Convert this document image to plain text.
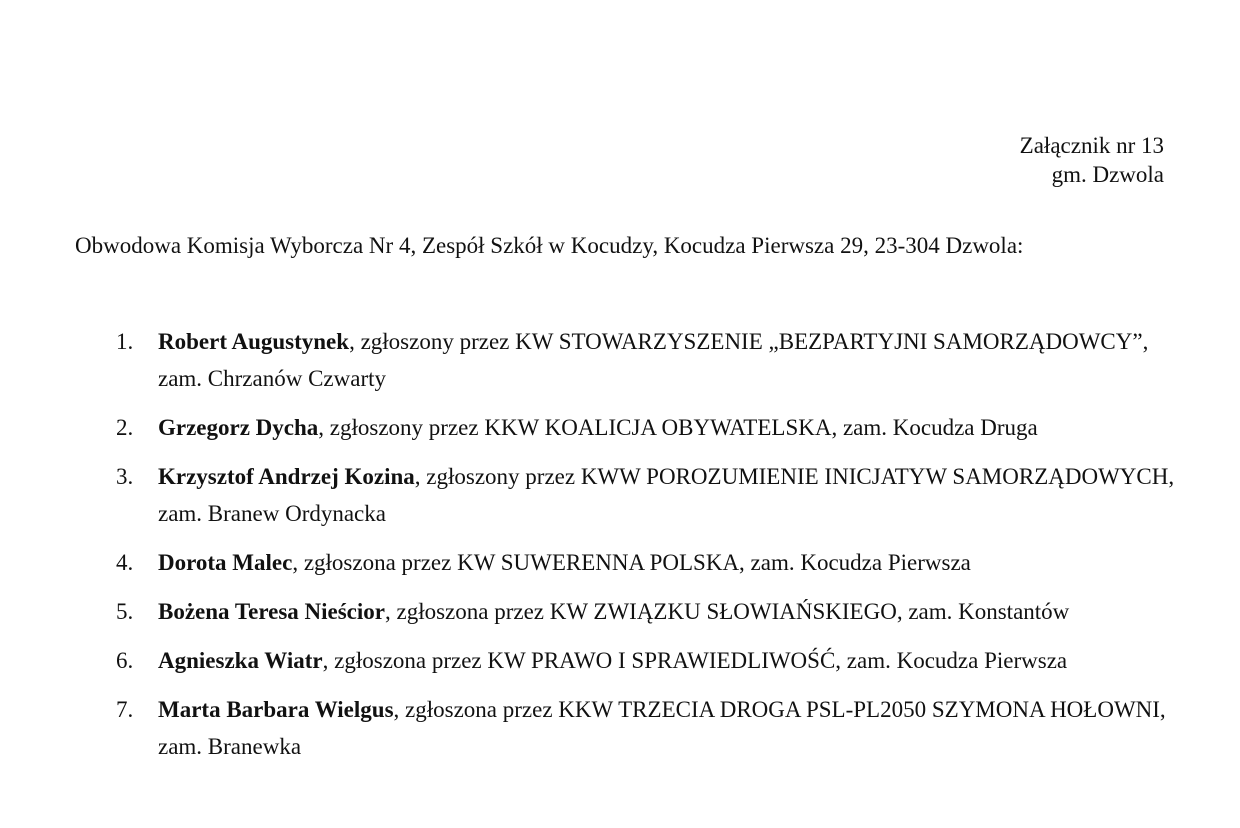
Załącznik nr 13
gm. Dzwola
Obwodowa Komisja Wyborcza Nr 4, Zespół Szkół w Kocudzy, Kocudza Pierwsza 29, 23-304 Dzwola:
1. Robert Augustynek, zgłoszony przez KW STOWARZYSZENIE „BEZPARTYJNI SAMORZĄDOWCY”, zam. Chrzanów Czwarty
2. Grzegorz Dycha, zgłoszony przez KKW KOALICJA OBYWATELSKA, zam. Kocudza Druga
3. Krzysztof Andrzej Kozina, zgłoszony przez KWW POROZUMIENIE INICJATYW SAMORZĄDOWYCH, zam. Branew Ordynacka
4. Dorota Malec, zgłoszona przez KW SUWERENNA POLSKA, zam. Kocudza Pierwsza
5. Bożena Teresa Nieścior, zgłoszona przez KW ZWIĄZKU SŁOWIAŃSKIEGO, zam. Konstantów
6. Agnieszka Wiatr, zgłoszona przez KW PRAWO I SPRAWIEDLIWOŚĆ, zam. Kocudza Pierwsza
7. Marta Barbara Wielgus, zgłoszona przez KKW TRZECIA DROGA PSL-PL2050 SZYMONA HOŁOWNI, zam. Branewka
